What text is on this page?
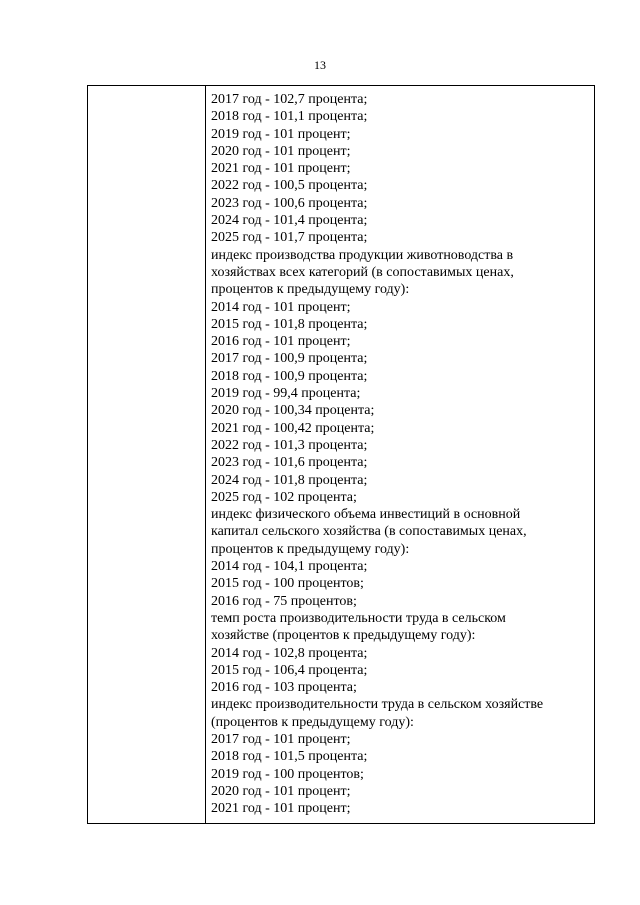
13
2017 год - 102,7 процента;
2018 год - 101,1 процента;
2019 год - 101 процент;
2020 год - 101 процент;
2021 год - 101 процент;
2022 год - 100,5 процента;
2023 год - 100,6 процента;
2024 год - 101,4 процента;
2025 год - 101,7 процента;
индекс производства продукции животноводства в
хозяйствах всех категорий (в сопоставимых ценах,
процентов к предыдущему году):
2014 год - 101 процент;
2015 год - 101,8 процента;
2016 год - 101 процент;
2017 год - 100,9 процента;
2018 год - 100,9 процента;
2019 год - 99,4 процента;
2020 год - 100,34 процента;
2021 год - 100,42 процента;
2022 год - 101,3 процента;
2023 год - 101,6 процента;
2024 год - 101,8 процента;
2025 год - 102 процента;
индекс физического объема инвестиций в основной
капитал сельского хозяйства (в сопоставимых ценах,
процентов к предыдущему году):
2014 год - 104,1 процента;
2015 год - 100 процентов;
2016 год - 75 процентов;
темп роста производительности труда в сельском
хозяйстве (процентов к предыдущему году):
2014 год - 102,8 процента;
2015 год - 106,4 процента;
2016 год - 103 процента;
индекс производительности труда в сельском хозяйстве
(процентов к предыдущему году):
2017 год - 101 процент;
2018 год - 101,5 процента;
2019 год - 100 процентов;
2020 год - 101 процент;
2021 год - 101 процент;
